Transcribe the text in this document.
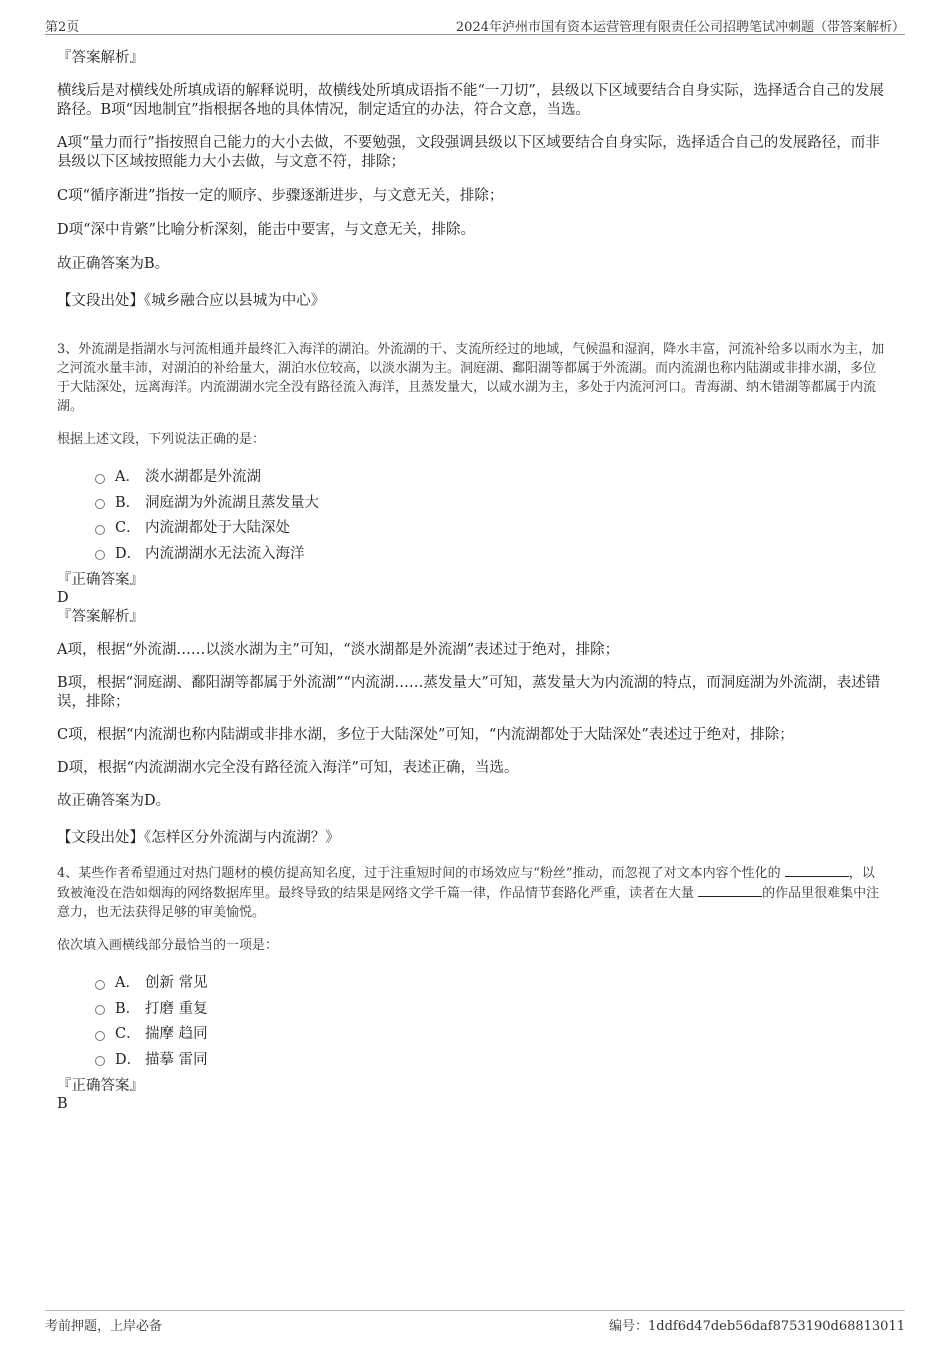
第2页	2024年泸州市国有资本运营管理有限责任公司招聘笔试冲刺题（带答案解析）
『答案解析』

横线后是对横线处所填成语的解释说明，故横线处所填成语指不能“一刀切”，县级以下区域要结合自身实际，选择适合自己的发展路径。B项“因地制宜”指根据各地的具体情况，制定适宜的办法，符合文意，当选。

A项“量力而行”指按照自己能力的大小去做，不要勉强，文段强调县级以下区域要结合自身实际，选择适合自己的发展路径，而非县级以下区域按照能力大小去做，与文意不符，排除；

C项“循序渐进”指按一定的顺序、步骤逐渐进步，与文意无关，排除；

D项“深中肯綮”比喻分析深刻，能击中要害，与文意无关，排除。

故正确答案为B。

【文段出处】《城乡融合应以县城为中心》

3、外流湖是指湖水与河流相通并最终汇入海洋的湖泊。外流湖的干、支流所经过的地域，气候温和湿润，降水丰富，河流补给多以雨水为主，加之河流水量丰沛，对湖泊的补给量大，湖泊水位较高，以淡水湖为主。洞庭湖、鄱阳湖等都属于外流湖。而内流湖也称内陆湖或非排水湖，多位于大陆深处，远离海洋。内流湖湖水完全没有路径流入海洋，且蒸发量大，以咸水湖为主，多处于内流河河口。青海湖、纳木错湖等都属于内流湖。

根据上述文段，下列说法正确的是：

A． 淡水湖都是外流湖
B． 洞庭湖为外流湖且蒸发量大
C． 内流湖都处于大陆深处
D． 内流湖湖水无法流入海洋
『正确答案』
D
『答案解析』

A项，根据“外流湖……以淡水湖为主”可知，“淡水湖都是外流湖”表述过于绝对，排除；

B项，根据“洞庭湖、鄱阳湖等都属于外流湖”“内流湖……蒸发量大”可知，蒸发量大为内流湖的特点，而洞庭湖为外流湖，表述错误，排除；

C项，根据“内流湖也称内陆湖或非排水湖，多位于大陆深处”可知，“内流湖都处于大陆深处”表述过于绝对，排除；

D项，根据“内流湖湖水完全没有路径流入海洋”可知，表述正确，当选。

故正确答案为D。

【文段出处】《怎样区分外流湖与内流湖？》

4、某些作者希望通过对热门题材的模仿提高知名度，过于注重短时间的市场效应与“粉丝”推动，而忽视了对文本内容个性化的	，以致被淹没在浩如烟海的网络数据库里。最终导致的结果是网络文学千篇一律，作品情节套路化严重，读者在大量	的作品里很难集中注意力，也无法获得足够的审美愉悦。

依次填入画横线部分最恰当的一项是：

A． 创新 常见
B． 打磨 重复
C． 揣摩 趋同
D． 描摹 雷同
『正确答案』
B
考前押题，上岸必备	编号：1ddf6d47deb56daf8753190d68813011
